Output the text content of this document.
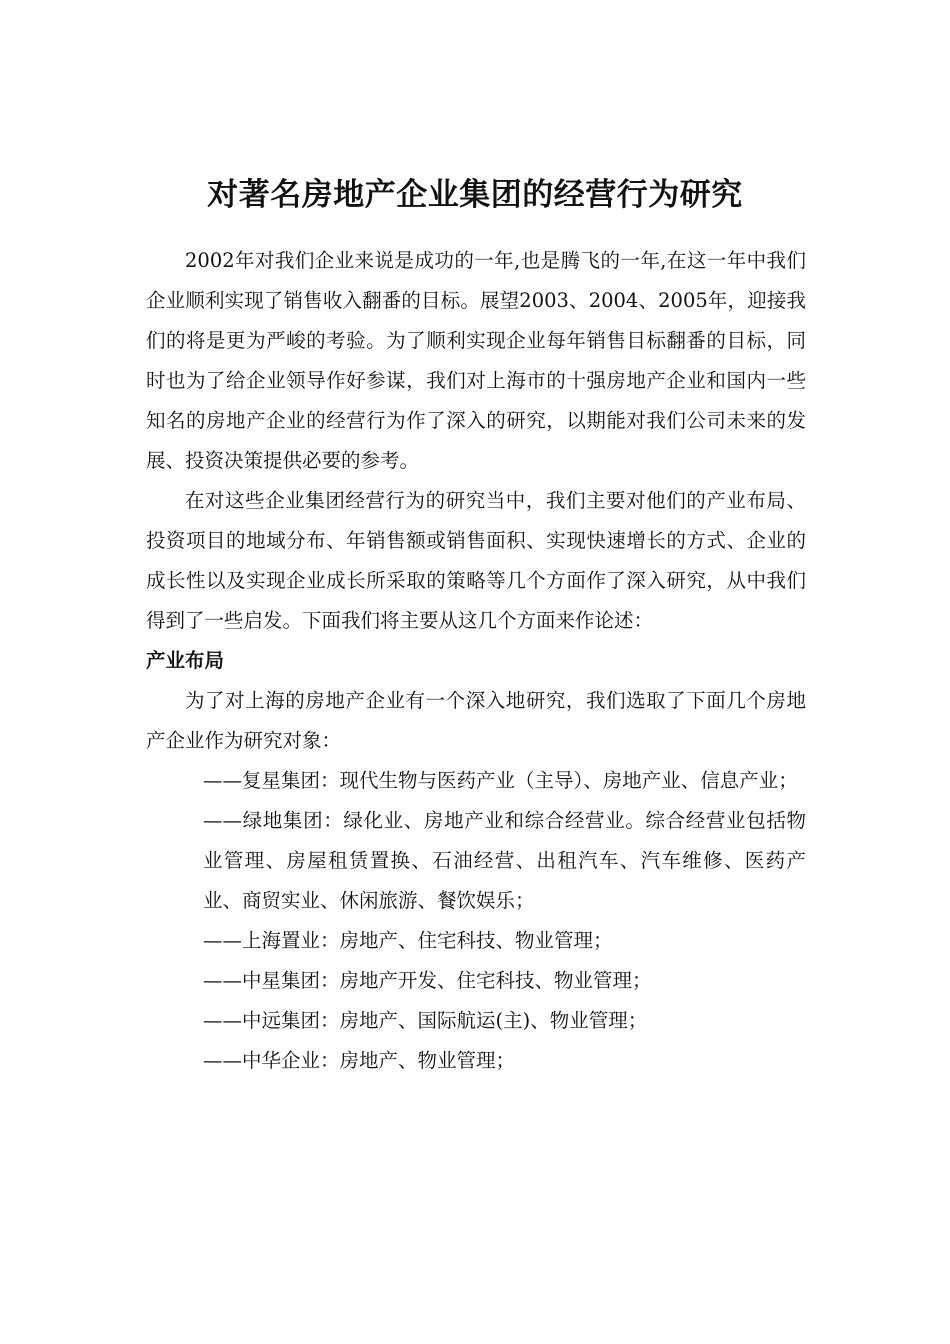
对著名房地产企业集团的经营行为研究

2002年对我们企业来说是成功的一年,也是腾飞的一年,在这一年中我们企业顺利实现了销售收入翻番的目标。展望2003、2004、2005年，迎接我们的将是更为严峻的考验。为了顺利实现企业每年销售目标翻番的目标，同时也为了给企业领导作好参谋，我们对上海市的十强房地产企业和国内一些知名的房地产企业的经营行为作了深入的研究，以期能对我们公司未来的发展、投资决策提供必要的参考。

在对这些企业集团经营行为的研究当中，我们主要对他们的产业布局、投资项目的地域分布、年销售额或销售面积、实现快速增长的方式、企业的成长性以及实现企业成长所采取的策略等几个方面作了深入研究，从中我们得到了一些启发。下面我们将主要从这几个方面来作论述：

产业布局

为了对上海的房地产企业有一个深入地研究，我们选取了下面几个房地产企业作为研究对象：

——复星集团：现代生物与医药产业（主导）、房地产业、信息产业；
——绿地集团：绿化业、房地产业和综合经营业。综合经营业包括物业管理、房屋租赁置换、石油经营、出租汽车、汽车维修、医药产业、商贸实业、休闲旅游、餐饮娱乐；
——上海置业：房地产、住宅科技、物业管理；
——中星集团：房地产开发、住宅科技、物业管理；
——中远集团：房地产、国际航运(主)、物业管理；
——中华企业：房地产、物业管理；
